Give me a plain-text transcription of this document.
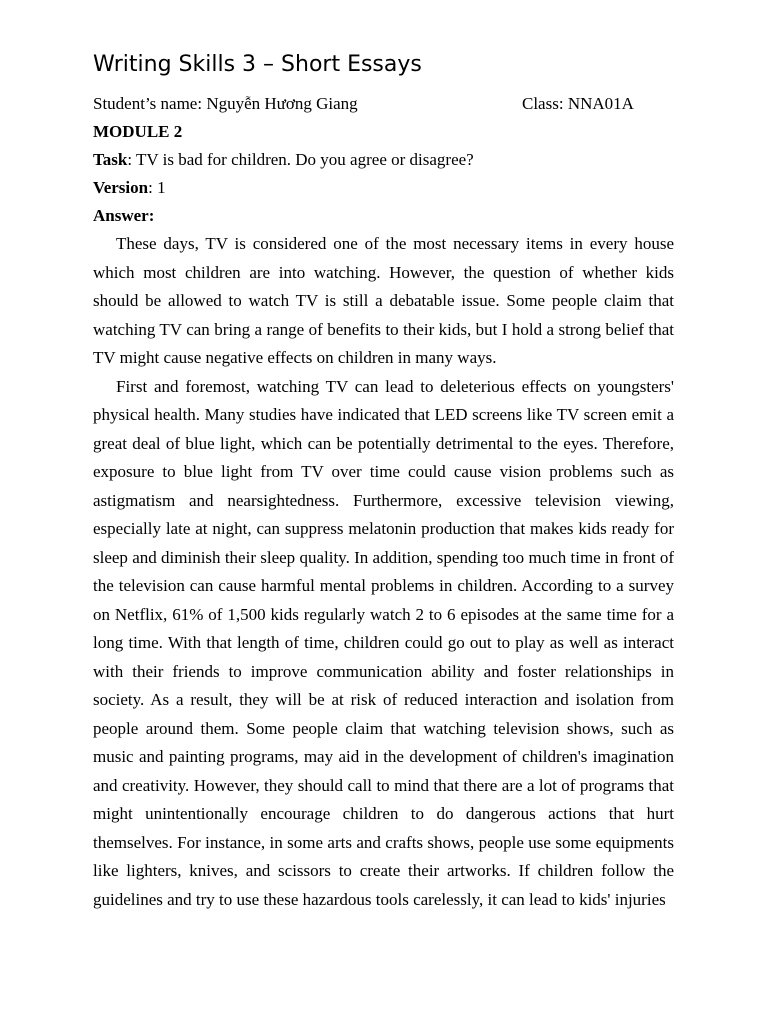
Writing Skills 3 – Short Essays
Student’s name: Nguyễn Hương Giang	Class: NNA01A
MODULE 2
Task: TV is bad for children. Do you agree or disagree?
Version: 1
Answer:

These days, TV is considered one of the most necessary items in every house which most children are into watching. However, the question of whether kids should be allowed to watch TV is still a debatable issue. Some people claim that watching TV can bring a range of benefits to their kids, but I hold a strong belief that TV might cause negative effects on children in many ways.

First and foremost, watching TV can lead to deleterious effects on youngsters' physical health. Many studies have indicated that LED screens like TV screen emit a great deal of blue light, which can be potentially detrimental to the eyes. Therefore, exposure to blue light from TV over time could cause vision problems such as astigmatism and nearsightedness. Furthermore, excessive television viewing, especially late at night, can suppress melatonin production that makes kids ready for sleep and diminish their sleep quality. In addition, spending too much time in front of the television can cause harmful mental problems in children. According to a survey on Netflix, 61% of 1,500 kids regularly watch 2 to 6 episodes at the same time for a long time. With that length of time, children could go out to play as well as interact with their friends to improve communication ability and foster relationships in society. As a result, they will be at risk of reduced interaction and isolation from people around them. Some people claim that watching television shows, such as music and painting programs, may aid in the development of children's imagination and creativity. However, they should call to mind that there are a lot of programs that might unintentionally encourage children to do dangerous actions that hurt themselves. For instance, in some arts and crafts shows, people use some equipments like lighters, knives, and scissors to create their artworks. If children follow the guidelines and try to use these hazardous tools carelessly, it can lead to kids' injuries
